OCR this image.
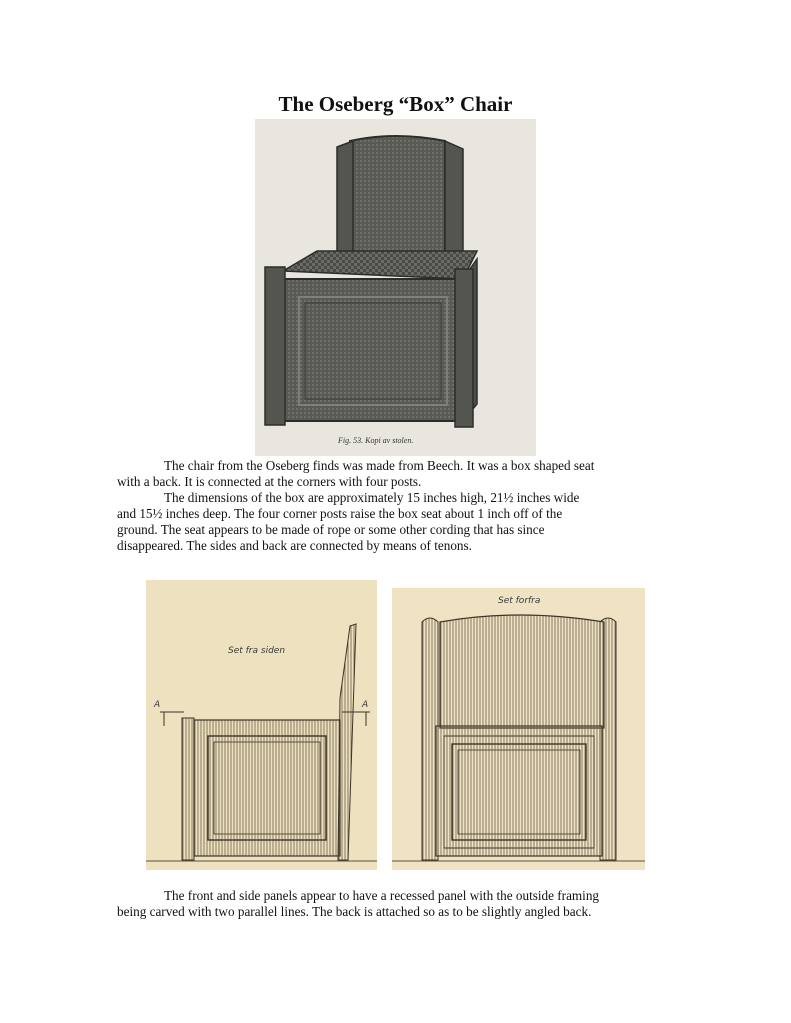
The Oseberg “Box” Chair
Fig. 53. Kopi av stolen.

The chair from the Oseberg finds was made from Beech. It was a box shaped seat
with a back. It is connected at the corners with four posts.

The dimensions of the box are approximately 15 inches high, 21½ inches wide
and 15½ inches deep. The four corner posts raise the box seat about 1 inch off of the
ground. The seat appears to be made of rope or some other cording that has since
disappeared. The sides and back are connected by means of tenons.

Set fra siden
A	A
Set forfra

The front and side panels appear to have a recessed panel with the outside framing
being carved with two parallel lines. The back is attached so as to be slightly angled back.
